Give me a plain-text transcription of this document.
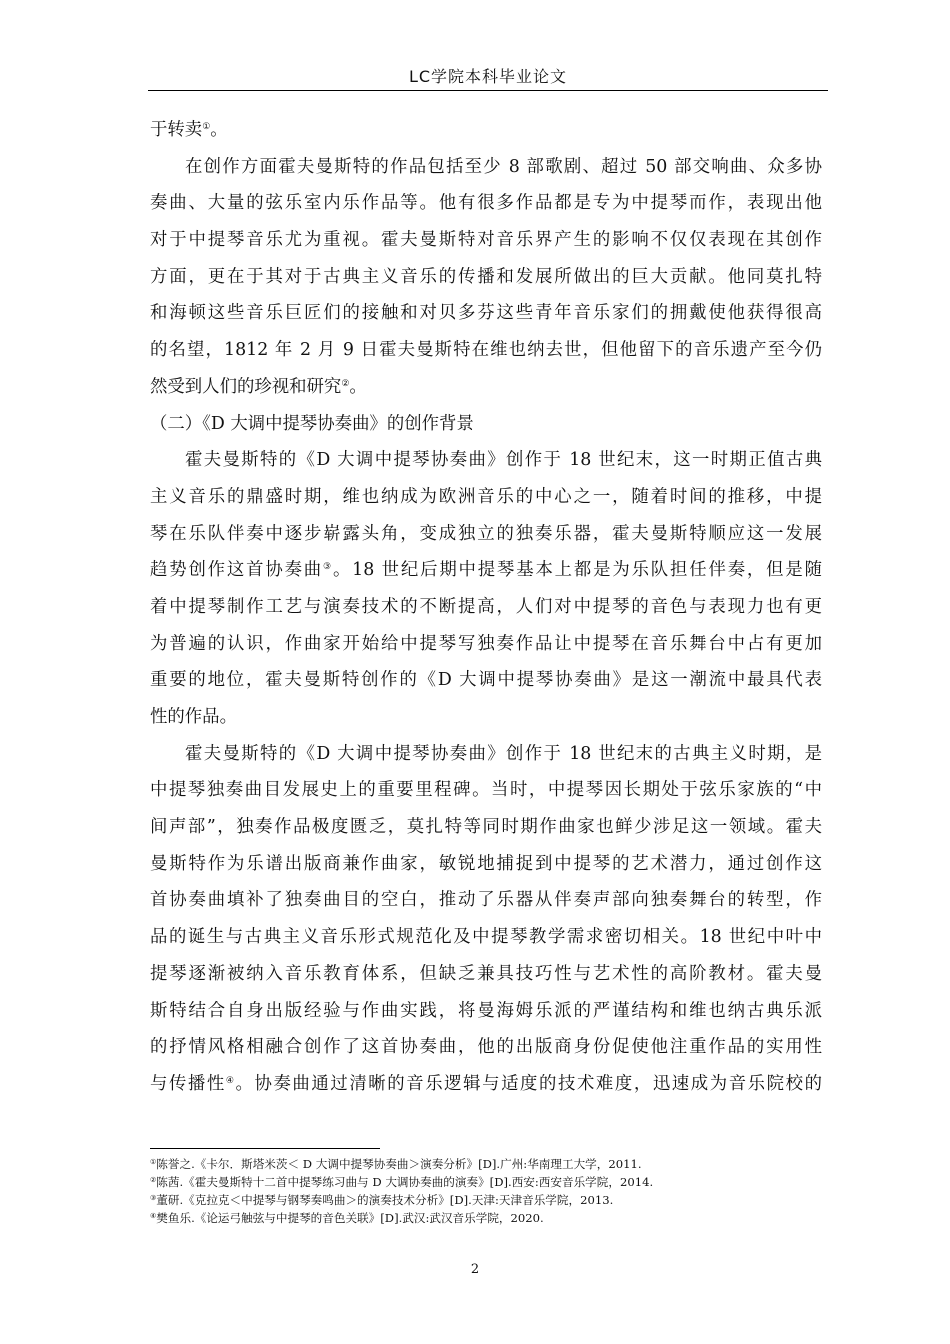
LC学院本科毕业论文
于转卖①。
在创作方面霍夫曼斯特的作品包括至少 8 部歌剧、超过 50 部交响曲、众多协
奏曲、大量的弦乐室内乐作品等。他有很多作品都是专为中提琴而作，表现出他
对于中提琴音乐尤为重视。霍夫曼斯特对音乐界产生的影响不仅仅表现在其创作
方面，更在于其对于古典主义音乐的传播和发展所做出的巨大贡献。他同莫扎特
和海顿这些音乐巨匠们的接触和对贝多芬这些青年音乐家们的拥戴使他获得很高
的名望，1812 年 2 月 9 日霍夫曼斯特在维也纳去世，但他留下的音乐遗产至今仍
然受到人们的珍视和研究②。
（二）《D 大调中提琴协奏曲》的创作背景
霍夫曼斯特的《D 大调中提琴协奏曲》创作于 18 世纪末，这一时期正值古典
主义音乐的鼎盛时期，维也纳成为欧洲音乐的中心之一，随着时间的推移，中提
琴在乐队伴奏中逐步崭露头角，变成独立的独奏乐器，霍夫曼斯特顺应这一发展
趋势创作这首协奏曲③。18 世纪后期中提琴基本上都是为乐队担任伴奏，但是随
着中提琴制作工艺与演奏技术的不断提高，人们对中提琴的音色与表现力也有更
为普遍的认识，作曲家开始给中提琴写独奏作品让中提琴在音乐舞台中占有更加
重要的地位，霍夫曼斯特创作的《D 大调中提琴协奏曲》是这一潮流中最具代表
性的作品。
霍夫曼斯特的《D 大调中提琴协奏曲》创作于 18 世纪末的古典主义时期，是
中提琴独奏曲目发展史上的重要里程碑。当时，中提琴因长期处于弦乐家族的“中
间声部”，独奏作品极度匮乏，莫扎特等同时期作曲家也鲜少涉足这一领域。霍夫
曼斯特作为乐谱出版商兼作曲家，敏锐地捕捉到中提琴的艺术潜力，通过创作这
首协奏曲填补了独奏曲目的空白，推动了乐器从伴奏声部向独奏舞台的转型，作
品的诞生与古典主义音乐形式规范化及中提琴教学需求密切相关。18 世纪中叶中
提琴逐渐被纳入音乐教育体系，但缺乏兼具技巧性与艺术性的高阶教材。霍夫曼
斯特结合自身出版经验与作曲实践，将曼海姆乐派的严谨结构和维也纳古典乐派
的抒情风格相融合创作了这首协奏曲，他的出版商身份促使他注重作品的实用性
与传播性④。协奏曲通过清晰的音乐逻辑与适度的技术难度，迅速成为音乐院校的
①陈誉之.《卡尔．斯塔米茨＜ D 大调中提琴协奏曲＞演奏分析》[D].广州:华南理工大学，2011.
②陈茜.《霍夫曼斯特十二首中提琴练习曲与 D 大调协奏曲的演奏》[D].西安:西安音乐学院，2014.
③董研.《克拉克＜中提琴与钢琴奏鸣曲＞的演奏技术分析》[D].天津:天津音乐学院，2013.
④樊鱼乐.《论运弓触弦与中提琴的音色关联》[D].武汉:武汉音乐学院，2020.
2
